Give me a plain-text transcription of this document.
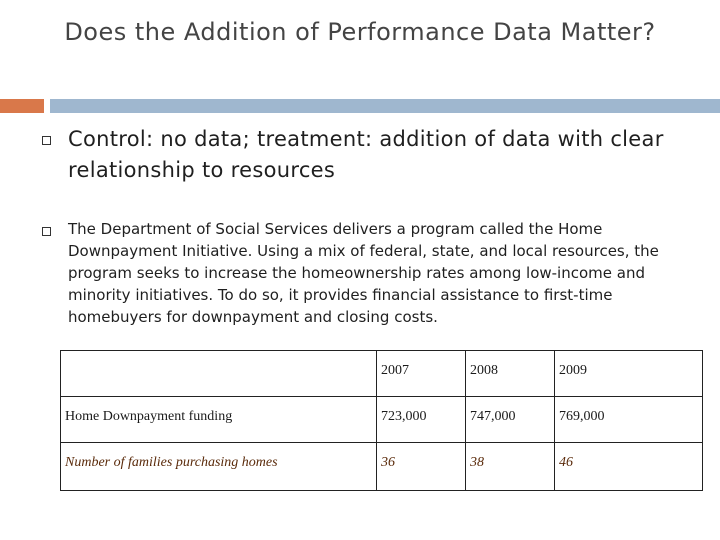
Does the Addition of Performance Data Matter?
Control: no data; treatment: addition of data with clear relationship to resources
The Department of Social Services delivers a program called the Home Downpayment Initiative. Using a mix of federal, state, and local resources, the program seeks to increase the homeownership rates among low-income and minority initiatives. To do so, it provides financial assistance to first-time homebuyers for downpayment and closing costs.
	2007	2008	2009
Home Downpayment funding	723,000	747,000	769,000
Number of families purchasing homes	36	38	46
